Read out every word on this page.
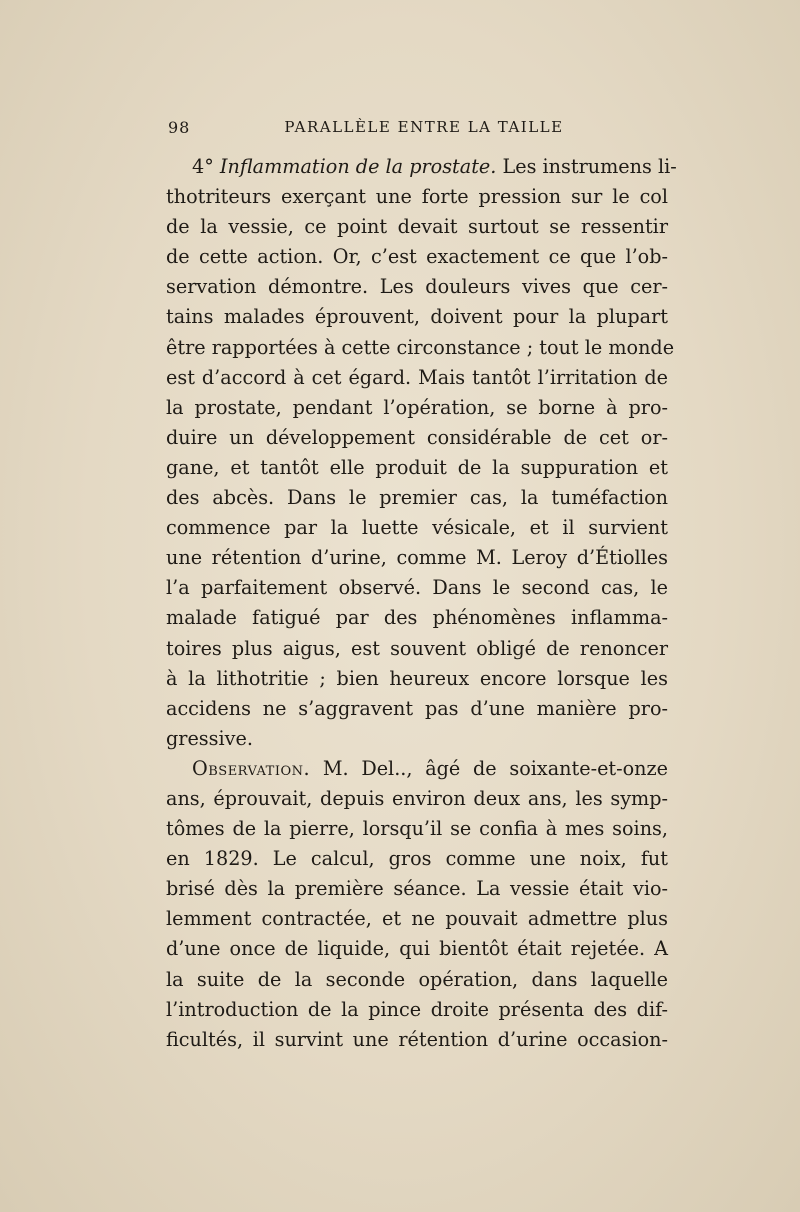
98	PARALLÈLE ENTRE LA TAILLE
4° Inflammation de la prostate. Les instrumens li-
thotriteurs exerçant une forte pression sur le col
de la vessie, ce point devait surtout se ressentir
de cette action. Or, c’est exactement ce que l’ob-
servation démontre. Les douleurs vives que cer-
tains malades éprouvent, doivent pour la plupart
être rapportées à cette circonstance ; tout le monde
est d’accord à cet égard. Mais tantôt l’irritation de
la prostate, pendant l’opération, se borne à pro-
duire un développement considérable de cet or-
gane, et tantôt elle produit de la suppuration et
des abcès. Dans le premier cas, la tuméfaction
commence par la luette vésicale, et il survient
une rétention d’urine, comme M. Leroy d’Étiolles
l’a parfaitement observé. Dans le second cas, le
malade fatigué par des phénomènes inflamma-
toires plus aigus, est souvent obligé de renoncer
à la lithotritie ; bien heureux encore lorsque les
accidens ne s’aggravent pas d’une manière pro-
gressive.
Observation. M. Del.., âgé de soixante-et-onze
ans, éprouvait, depuis environ deux ans, les symp-
tômes de la pierre, lorsqu’il se confia à mes soins,
en 1829. Le calcul, gros comme une noix, fut
brisé dès la première séance. La vessie était vio-
lemment contractée, et ne pouvait admettre plus
d’une once de liquide, qui bientôt était rejetée. A
la suite de la seconde opération, dans laquelle
l’introduction de la pince droite présenta des dif-
ficultés, il survint une rétention d’urine occasion-
